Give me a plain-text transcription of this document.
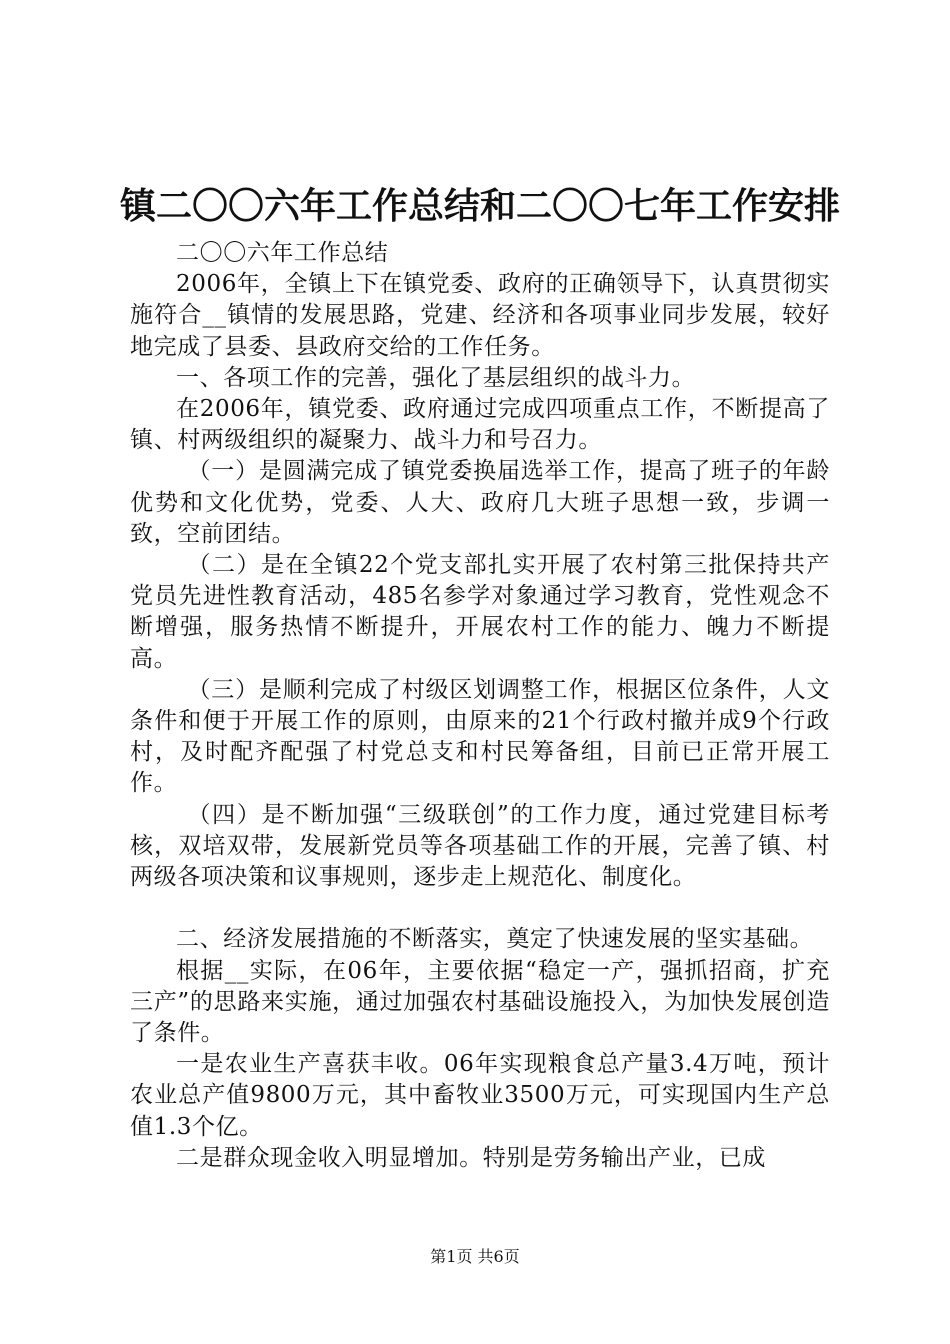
镇二〇〇六年工作总结和二〇〇七年工作安排

二〇〇六年工作总结

2006年，全镇上下在镇党委、政府的正确领导下，认真贯彻实施符合__镇情的发展思路，党建、经济和各项事业同步发展，较好地完成了县委、县政府交给的工作任务。

一、各项工作的完善，强化了基层组织的战斗力。

在2006年，镇党委、政府通过完成四项重点工作，不断提高了镇、村两级组织的凝聚力、战斗力和号召力。

（一）是圆满完成了镇党委换届选举工作，提高了班子的年龄优势和文化优势，党委、人大、政府几大班子思想一致，步调一致，空前团结。

（二）是在全镇22个党支部扎实开展了农村第三批保持共产党员先进性教育活动，485名参学对象通过学习教育，党性观念不断增强，服务热情不断提升，开展农村工作的能力、魄力不断提高。

（三）是顺利完成了村级区划调整工作，根据区位条件，人文条件和便于开展工作的原则，由原来的21个行政村撤并成9个行政村，及时配齐配强了村党总支和村民筹备组，目前已正常开展工作。

（四）是不断加强“三级联创”的工作力度，通过党建目标考核，双培双带，发展新党员等各项基础工作的开展，完善了镇、村两级各项决策和议事规则，逐步走上规范化、制度化。

二、经济发展措施的不断落实，奠定了快速发展的坚实基础。

根据__实际，在06年，主要依据“稳定一产，强抓招商，扩充三产”的思路来实施，通过加强农村基础设施投入，为加快发展创造了条件。

一是农业生产喜获丰收。06年实现粮食总产量3.4万吨，预计农业总产值9800万元，其中畜牧业3500万元，可实现国内生产总值1.3个亿。

二是群众现金收入明显增加。特别是劳务输出产业，已成

第1页 共6页
